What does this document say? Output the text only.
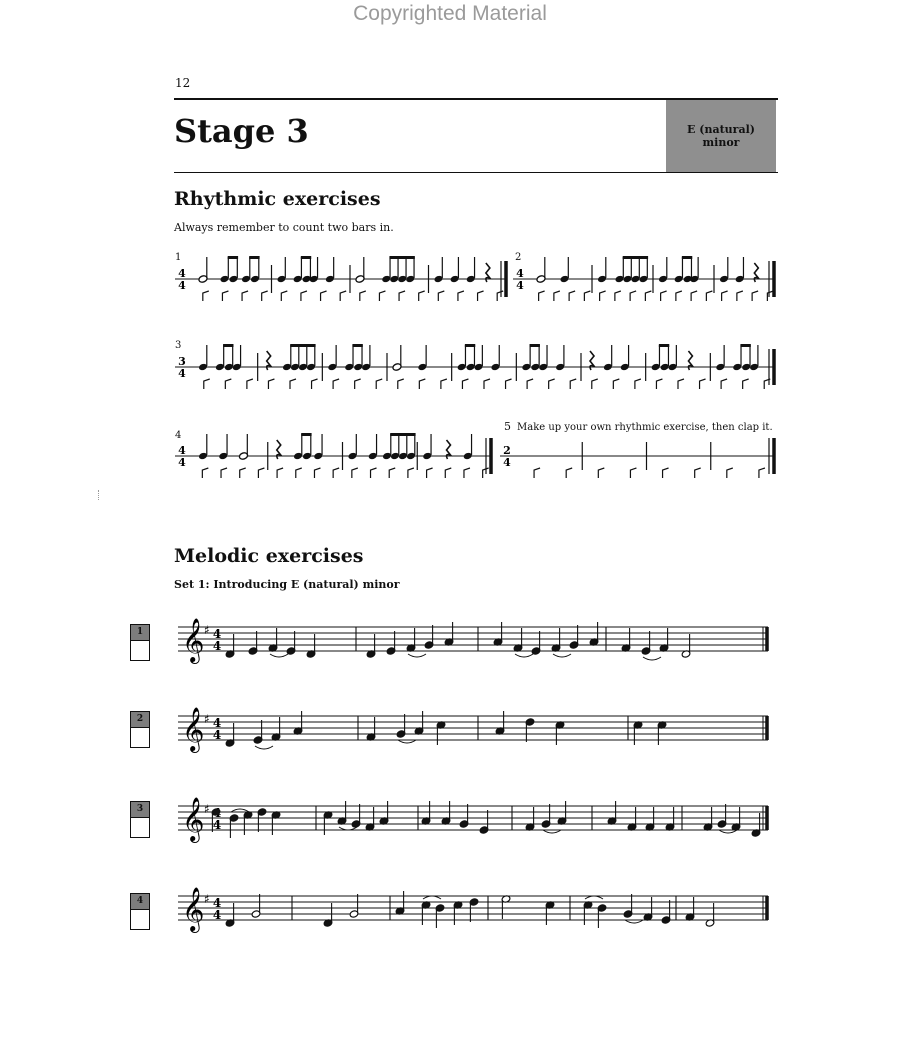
Copyrighted Material
12
Stage 3	E (natural)
minor
Rhythmic exercises
Always remember to count two bars in.
1	2
3
4
5 Make up your own rhythmic exercise, then clap it.
Melodic exercises
Set 1: Introducing E (natural) minor
1
2
3
4
4
4
4
4
3
4
4
4
2
4
𝄞 ♯ 4
4
𝄞 ♯ 4
4
𝄞 ♯
4
𝄞 ♯ 4
4
